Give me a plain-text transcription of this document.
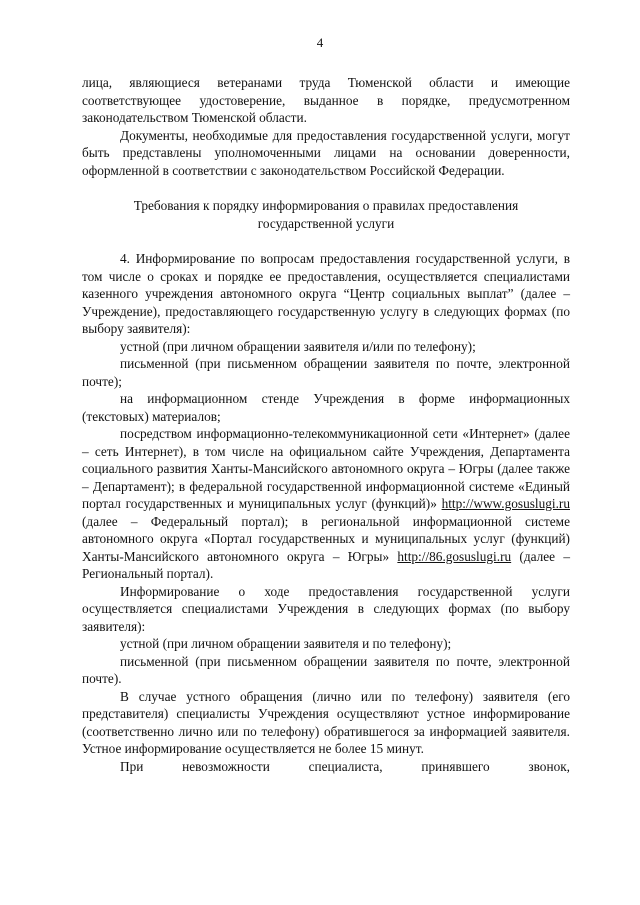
4

лица, являющиеся ветеранами труда Тюменской области и имеющие соответствующее удостоверение, выданное в порядке, предусмотренном законодательством Тюменской области.

Документы, необходимые для предоставления государственной услуги, могут быть представлены уполномоченными лицами на основании доверенности, оформленной в соответствии с законодательством Российской Федерации.

Требования к порядку информирования о правилах предоставления
государственной услуги

4. Информирование по вопросам предоставления государственной услуги, в том числе о сроках и порядке ее предоставления, осуществляется специалистами казенного учреждения автономного округа “Центр социальных выплат” (далее – Учреждение), предоставляющего государственную услугу в следующих формах (по выбору заявителя):

устной (при личном обращении заявителя и/или по телефону);

письменной (при письменном обращении заявителя по почте, электронной почте);

на информационном стенде Учреждения в форме информационных (текстовых) материалов;

посредством информационно-телекоммуникационной сети «Интернет» (далее – сеть Интернет), в том числе на официальном сайте Учреждения, Департамента социального развития Ханты-Мансийского автономного округа – Югры (далее также – Департамент); в федеральной государственной информационной системе «Единый портал государственных и муниципальных услуг (функций)» http://www.gosuslugi.ru (далее – Федеральный портал); в региональной информационной системе автономного округа «Портал государственных и муниципальных услуг (функций) Ханты-Мансийского автономного округа – Югры» http://86.gosuslugi.ru (далее – Региональный портал).

Информирование о ходе предоставления государственной услуги осуществляется специалистами Учреждения в следующих формах (по выбору заявителя):

устной (при личном обращении заявителя и по телефону);

письменной (при письменном обращении заявителя по почте, электронной почте).

В случае устного обращения (лично или по телефону) заявителя (его представителя) специалисты Учреждения осуществляют устное информирование (соответственно лично или по телефону) обратившегося за информацией заявителя. Устное информирование осуществляется не более 15 минут.

При невозможности специалиста, принявшего звонок,
